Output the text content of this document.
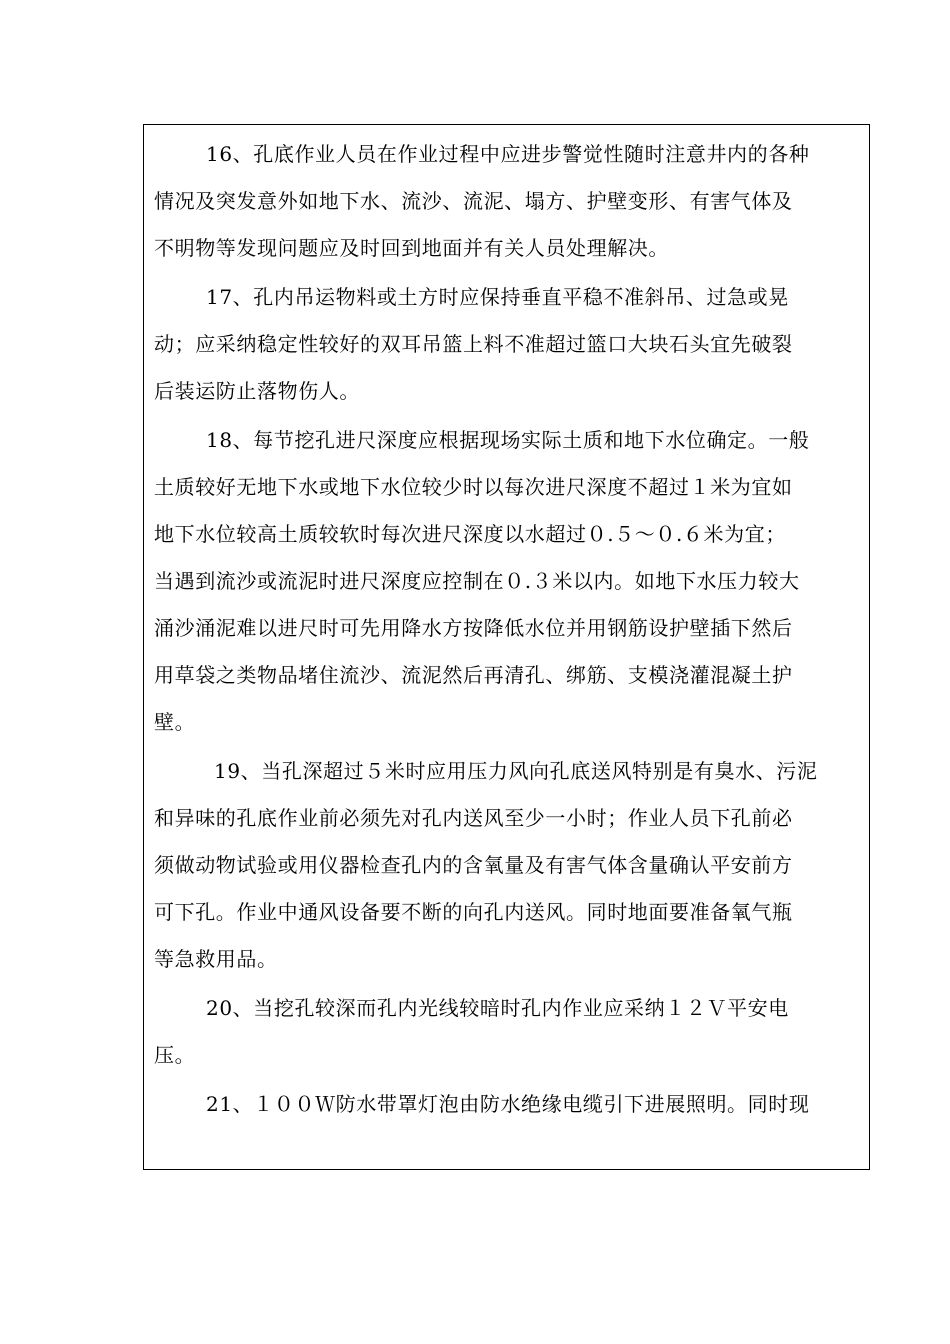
16、孔底作业人员在作业过程中应进步警觉性随时注意井内的各种
情况及突发意外如地下水、流沙、流泥、塌方、护壁变形、有害气体及
不明物等发现问题应及时回到地面并有关人员处理解决。
17、孔内吊运物料或土方时应保持垂直平稳不准斜吊、过急或晃
动；应采纳稳定性较好的双耳吊篮上料不准超过篮口大块石头宜先破裂
后装运防止落物伤人。
18、每节挖孔进尺深度应根据现场实际土质和地下水位确定。一般
土质较好无地下水或地下水位较少时以每次进尺深度不超过１米为宜如
地下水位较高土质较软时每次进尺深度以水超过０.５～０.６米为宜；
当遇到流沙或流泥时进尺深度应控制在０.３米以内。如地下水压力较大
涌沙涌泥难以进尺时可先用降水方按降低水位并用钢筋设护壁插下然后
用草袋之类物品堵住流沙、流泥然后再清孔、绑筋、支模浇灌混凝土护
壁。
19、当孔深超过５米时应用压力风向孔底送风特别是有臭水、污泥
和异味的孔底作业前必须先对孔内送风至少一小时；作业人员下孔前必
须做动物试验或用仪器检查孔内的含氧量及有害气体含量确认平安前方
可下孔。作业中通风设备要不断的向孔内送风。同时地面要准备氧气瓶
等急救用品。
20、当挖孔较深而孔内光线较暗时孔内作业应采纳１２Ｖ平安电
压。
21、１００Ｗ防水带罩灯泡由防水绝缘电缆引下进展照明。同时现
